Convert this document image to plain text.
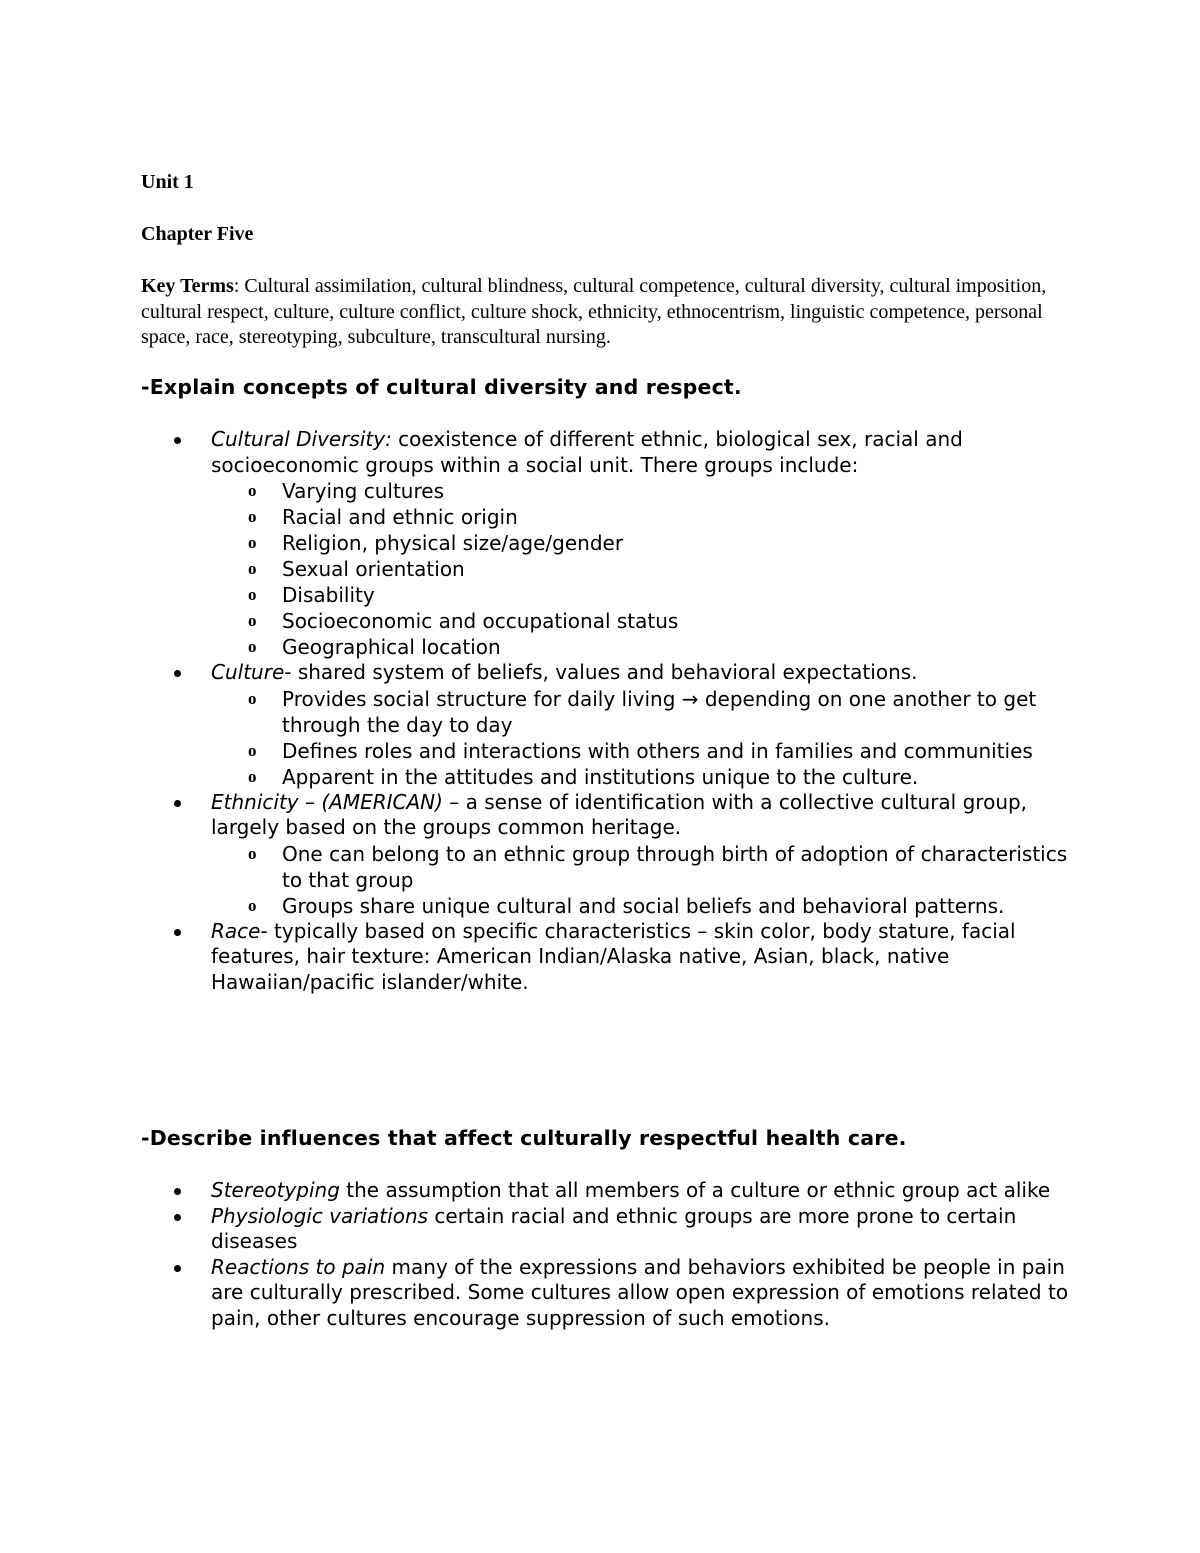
Unit 1
Chapter Five
Key Terms: Cultural assimilation, cultural blindness, cultural competence, cultural diversity, cultural imposition, cultural respect, culture, culture conflict, culture shock, ethnicity, ethnocentrism, linguistic competence, personal space, race, stereotyping, subculture, transcultural nursing.
-Explain concepts of cultural diversity and respect.
Cultural Diversity: coexistence of different ethnic, biological sex, racial and socioeconomic groups within a social unit. There groups include:
o Varying cultures
o Racial and ethnic origin
o Religion, physical size/age/gender
o Sexual orientation
o Disability
o Socioeconomic and occupational status
o Geographical location
Culture- shared system of beliefs, values and behavioral expectations.
o Provides social structure for daily living → depending on one another to get through the day to day
o Defines roles and interactions with others and in families and communities
o Apparent in the attitudes and institutions unique to the culture.
Ethnicity – (AMERICAN) – a sense of identification with a collective cultural group, largely based on the groups common heritage.
o One can belong to an ethnic group through birth of adoption of characteristics to that group
o Groups share unique cultural and social beliefs and behavioral patterns.
Race- typically based on specific characteristics – skin color, body stature, facial features, hair texture: American Indian/Alaska native, Asian, black, native Hawaiian/pacific islander/white.
-Describe influences that affect culturally respectful health care.
Stereotyping the assumption that all members of a culture or ethnic group act alike
Physiologic variations certain racial and ethnic groups are more prone to certain diseases
Reactions to pain many of the expressions and behaviors exhibited be people in pain are culturally prescribed. Some cultures allow open expression of emotions related to pain, other cultures encourage suppression of such emotions.
